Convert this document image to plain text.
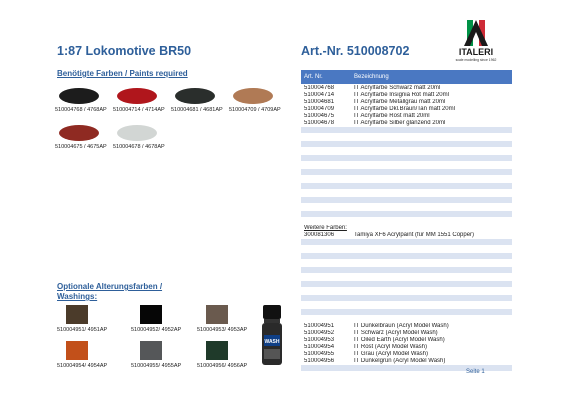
1:87 Lokomotive BR50	Art.-Nr. 510008702	ITALERI
scale modelling since 1962
Benötigte Farben / Paints required
510004768 / 4768AP 510004714 / 4714AP 510004681 / 4681AP 510004709 / 4709AP
510004675 / 4675AP 510004678 / 4678AP
Optionale Alterungsfarben /
Washings:
510004951/ 4951AP	510004952/ 4952AP	510004953/ 4953AP
510004954/ 4954AP	510004955/ 4955AP	510004956/ 4956AP
WASH
Art. Nr.	Bezeichnung
510004768	IT Acrylfarbe Schwarz matt 20ml
510004714	IT Acrylfarbe Insignia Rot matt 20ml
510004681	IT Acrylfarbe Metallgrau matt 20ml
510004709	IT Acrylfarbe Dkl.Braun/Tan matt 20ml
510004675	IT Acrylfarbe Rost matt 20ml
510004678	IT Acrylfarbe Silber glänzend 20ml

Weitere Farben:	
300081306	Tamiya XF6 Acrylpaint (für MM 1551 Copper)

510004951	IT Dunkelbraun (Acryl Model Wash)
510004952	IT Schwarz (Acryl Model Wash)
510004953	IT Oiled Earth (Acryl Model Wash)
510004954	IT Rost (Acryl Model Wash)
510004955	IT Grau (Acryl Model Wash)
510004956	IT Dunkelgrün (Acryl Model Wash)

Seite 1
